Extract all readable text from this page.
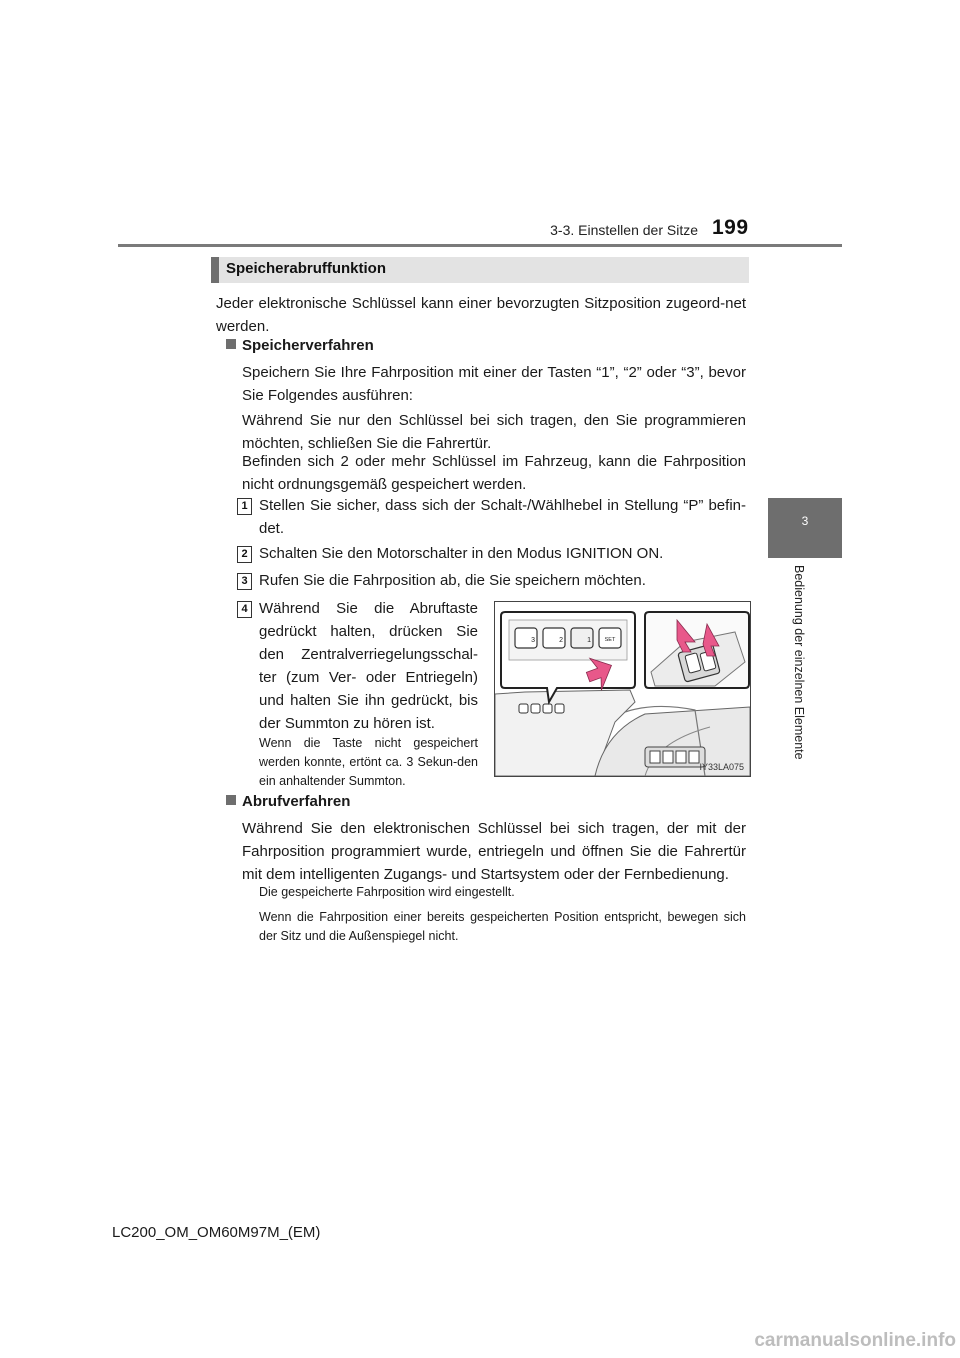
3-3. Einstellen der Sitze 199
3
Bedienung der einzelnen Elemente
Speicherabruffunktion
Jeder elektronische Schlüssel kann einer bevorzugten Sitzposition zugeord-net werden.
Speicherverfahren
Speichern Sie Ihre Fahrposition mit einer der Tasten “1”, “2” oder “3”, bevor Sie Folgendes ausführen:
Während Sie nur den Schlüssel bei sich tragen, den Sie programmieren möchten, schließen Sie die Fahrertür.
Befinden sich 2 oder mehr Schlüssel im Fahrzeug, kann die Fahrposition nicht ordnungsgemäß gespeichert werden.
1 Stellen Sie sicher, dass sich der Schalt-/Wählhebel in Stellung “P” befin-det.
2 Schalten Sie den Motorschalter in den Modus IGNITION ON.
3 Rufen Sie die Fahrposition ab, die Sie speichern möchten.
4 Während Sie die Abruftaste gedrückt halten, drücken Sie den Zentralverriegelungsschal-ter (zum Ver- oder Entriegeln) und halten Sie ihn gedrückt, bis der Summton zu hören ist.
Wenn die Taste nicht gespeichert werden konnte, ertönt ca. 3 Sekun-den ein anhaltender Summton.
3	2	1 SET
IY33LA075
Abrufverfahren
Während Sie den elektronischen Schlüssel bei sich tragen, der mit der Fahrposition programmiert wurde, entriegeln und öffnen Sie die Fahrertür mit dem intelligenten Zugangs- und Startsystem oder der Fernbedienung.
Die gespeicherte Fahrposition wird eingestellt.
Wenn die Fahrposition einer bereits gespeicherten Position entspricht, bewegen sich der Sitz und die Außenspiegel nicht.
LC200_OM_OM60M97M_(EM)
carmanualsonline.info
